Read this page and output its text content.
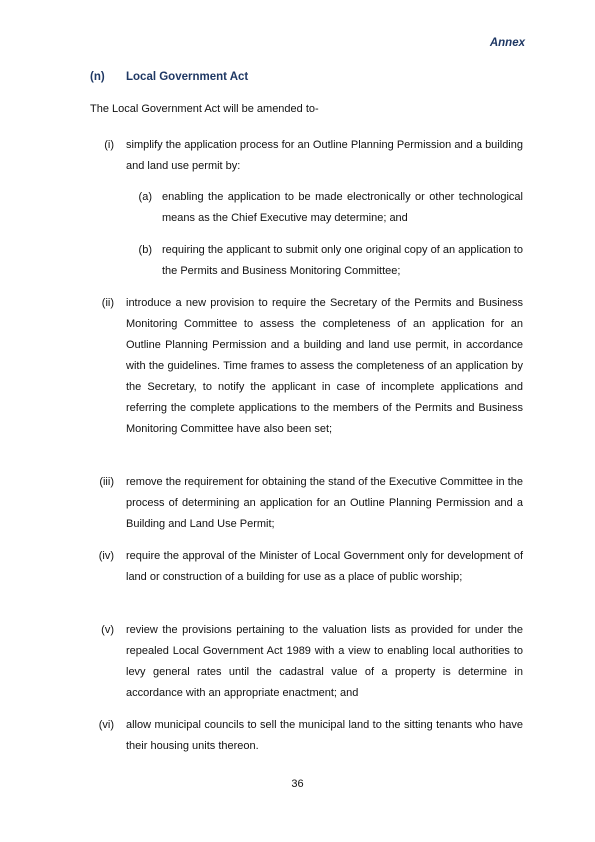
Annex
(n) Local Government Act
The Local Government Act will be amended to-
(i) simplify the application process for an Outline Planning Permission and a building and land use permit by:
(a) enabling the application to be made electronically or other technological means as the Chief Executive may determine; and
(b) requiring the applicant to submit only one original copy of an application to the Permits and Business Monitoring Committee;
(ii) introduce a new provision to require the Secretary of the Permits and Business Monitoring Committee to assess the completeness of an application for an Outline Planning Permission and a building and land use permit, in accordance with the guidelines. Time frames to assess the completeness of an application by the Secretary, to notify the applicant in case of incomplete applications and referring the complete applications to the members of the Permits and Business Monitoring Committee have also been set;
(iii) remove the requirement for obtaining the stand of the Executive Committee in the process of determining an application for an Outline Planning Permission and a Building and Land Use Permit;
(iv) require the approval of the Minister of Local Government only for development of land or construction of a building for use as a place of public worship;
(v) review the provisions pertaining to the valuation lists as provided for under the repealed Local Government Act 1989 with a view to enabling local authorities to levy general rates until the cadastral value of a property is determine in accordance with an appropriate enactment; and
(vi) allow municipal councils to sell the municipal land to the sitting tenants who have their housing units thereon.
36
